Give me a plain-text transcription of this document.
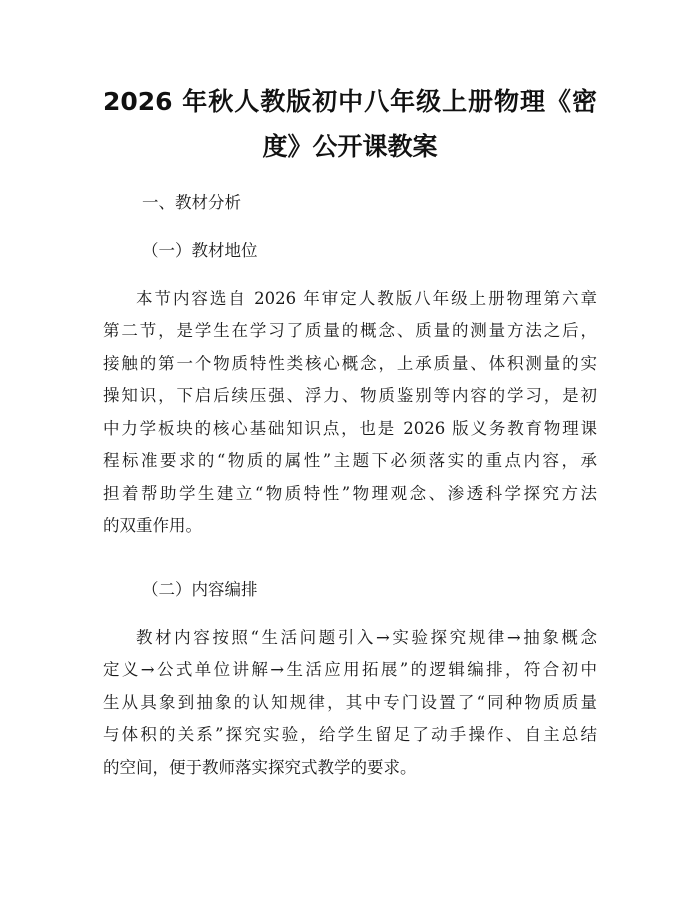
2026 年秋人教版初中八年级上册物理《密
度》公开课教案
一、教材分析
（一）教材地位
本节内容选自 2026 年审定人教版八年级上册物理第六章
第二节，是学生在学习了质量的概念、质量的测量方法之后，
接触的第一个物质特性类核心概念，上承质量、体积测量的实
操知识，下启后续压强、浮力、物质鉴别等内容的学习，是初
中力学板块的核心基础知识点，也是 2026 版义务教育物理课
程标准要求的“物质的属性”主题下必须落实的重点内容，承
担着帮助学生建立“物质特性”物理观念、渗透科学探究方法
的双重作用。
（二）内容编排
教材内容按照“生活问题引入→实验探究规律→抽象概念
定义→公式单位讲解→生活应用拓展”的逻辑编排，符合初中
生从具象到抽象的认知规律，其中专门设置了“同种物质质量
与体积的关系”探究实验，给学生留足了动手操作、自主总结
的空间，便于教师落实探究式教学的要求。
